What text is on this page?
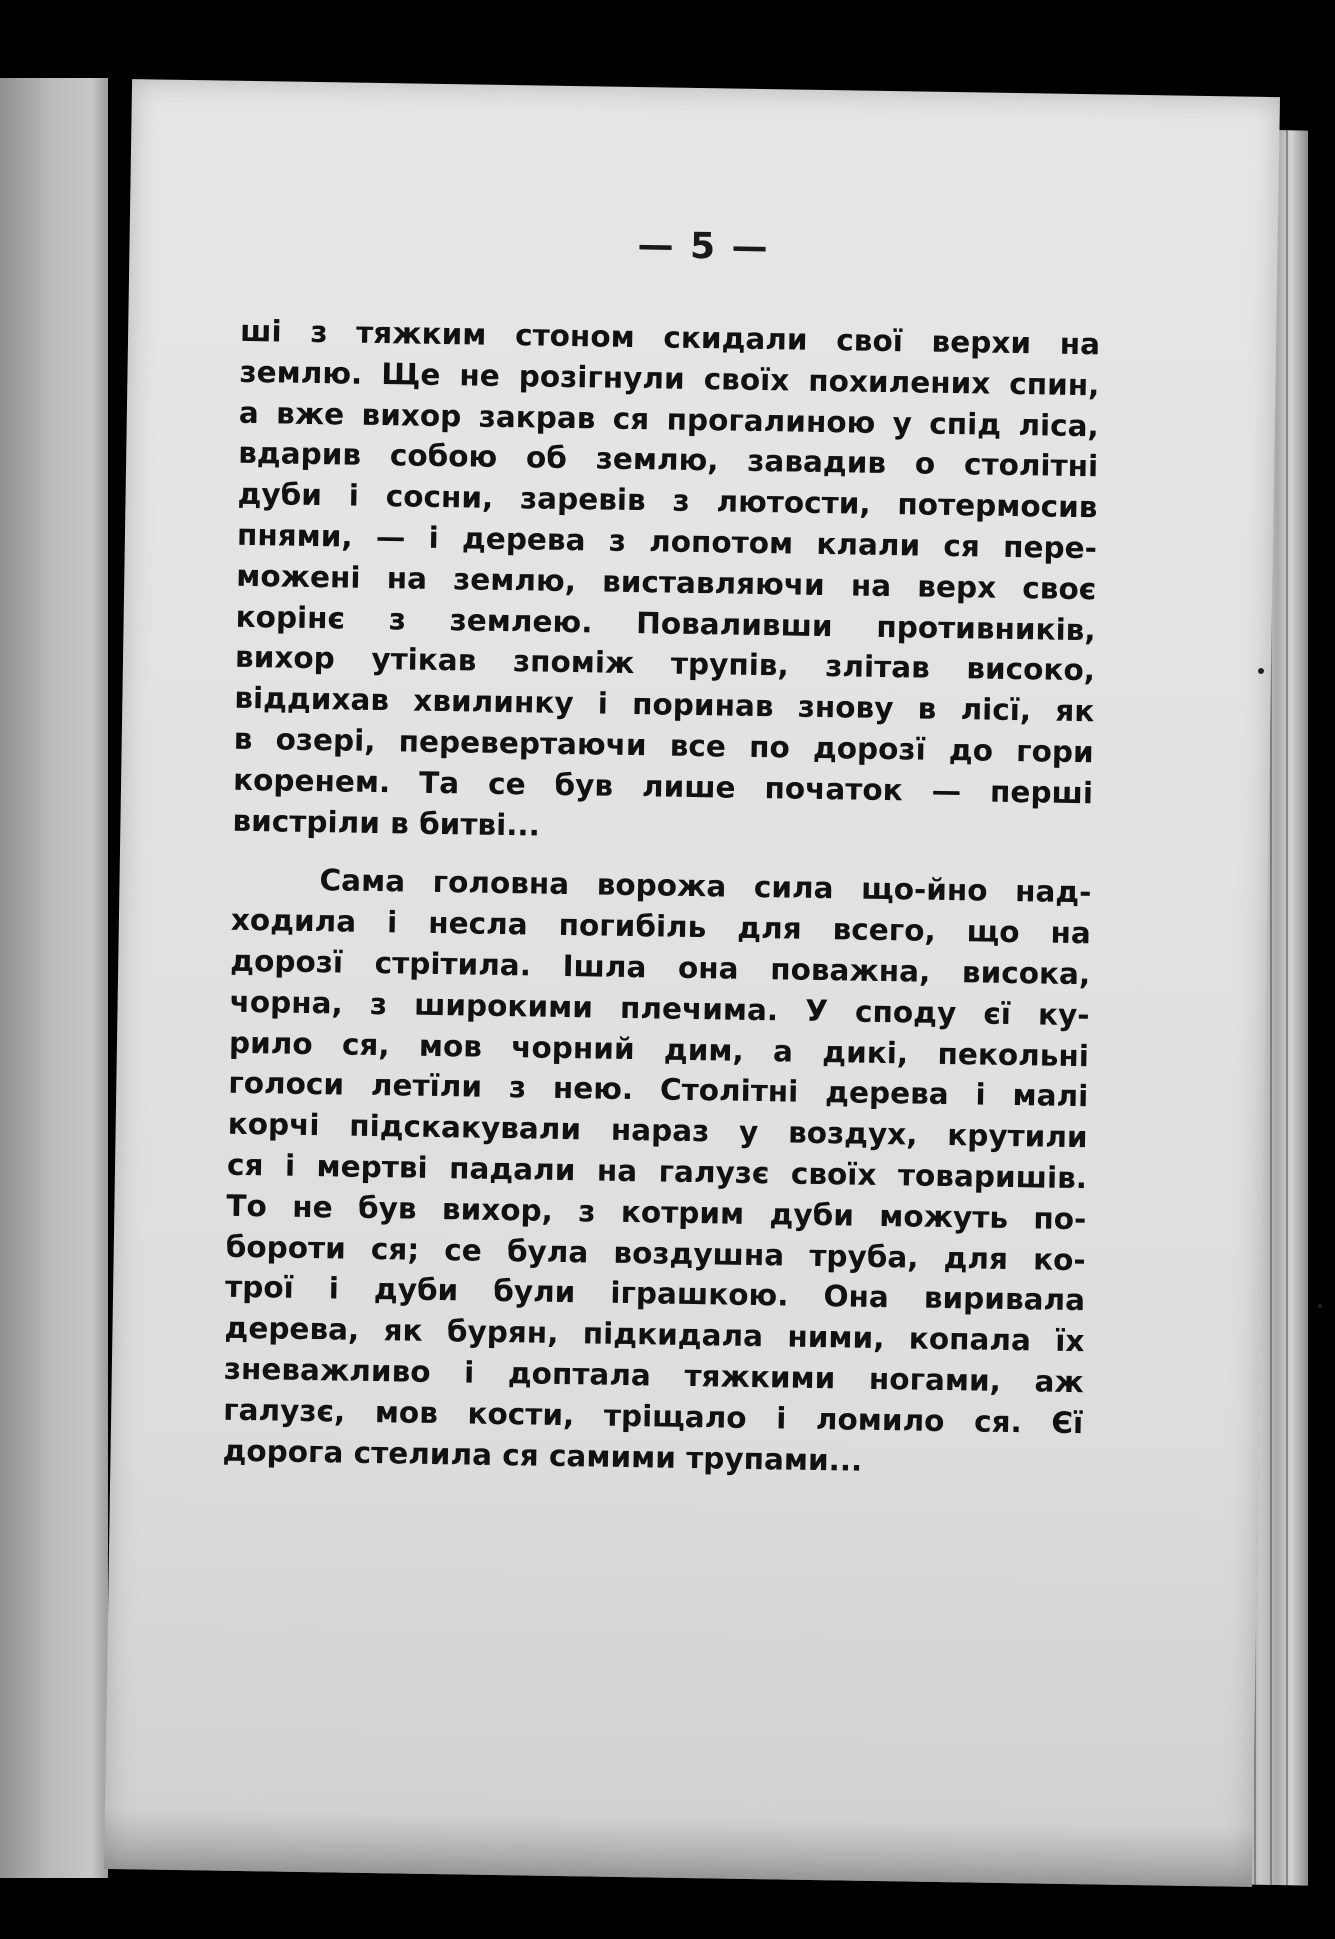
— 5 —
ші з тяжким стоном скидали свої верхи на
землю. Ще не розігнули своїх похилених спин,
а вже вихор закрав ся прогалиною у спід ліса,
вдарив собою об землю, завадив о столітні
дуби і сосни, заревів з лютости, потермосив
пнями, — і дерева з лопотом клали ся пере-
можені на землю, виставляючи на верх своє
корінє з землею. Поваливши противників,
вихор утікав зпоміж трупів, злітав високо,
віддихав хвилинку і поринав знову в лісї, як
в озері, перевертаючи все по дорозї до гори
коренем. Та се був лише початок — перші
вистріли в битві...
Сама головна ворожа сила що-йно над-
ходила і несла погибіль для всего, що на
дорозї стрітила. Ішла она поважна, висока,
чорна, з широкими плечима. У споду єї ку-
рило ся, мов чорний дим, а дикі, пекольні
голоси летїли з нею. Столітні дерева і малі
корчі підскакували нараз у воздух, крутили
ся і мертві падали на галузє своїх товаришів.
То не був вихор, з котрим дуби можуть по-
бороти ся; се була воздушна труба, для ко-
трої і дуби були іграшкою. Она виривала
дерева, як бурян, підкидала ними, копала їх
зневажливо і доптала тяжкими ногами, аж
галузє, мов кости, тріщало і ломило ся. Єї
дорога стелила ся самими трупами...
